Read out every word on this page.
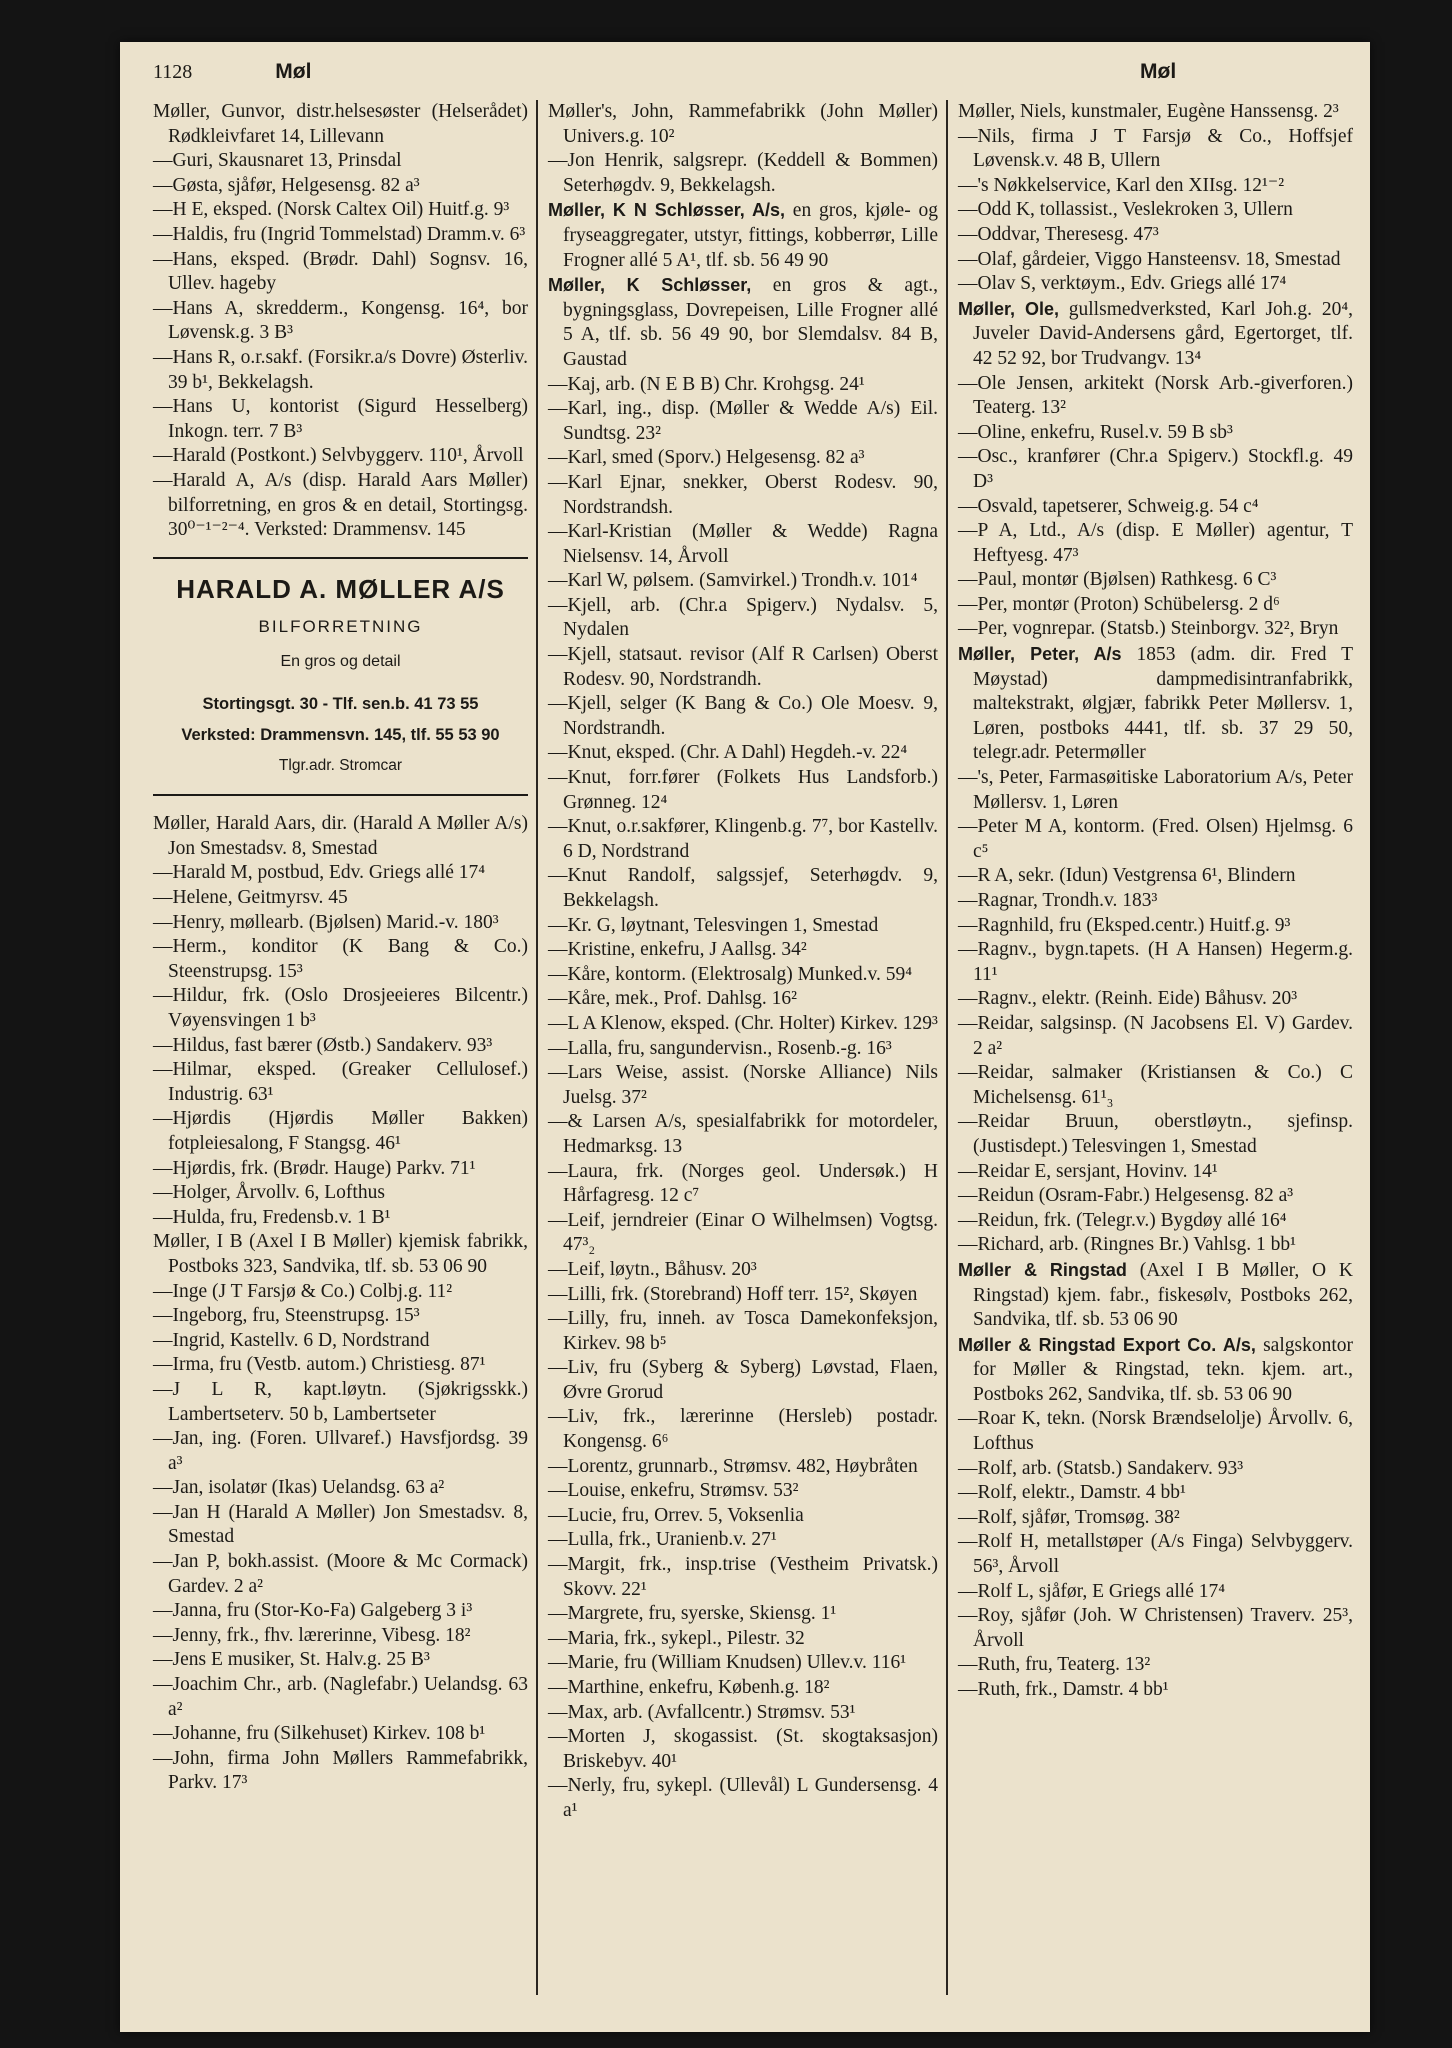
1128	Møl	Møl

Møller, Gunvor, distr.helsesøster (Helserådet) Rødkleivfaret 14, Lillevann

—Guri, Skausnaret 13, Prinsdal

—Gøsta, sjåfør, Helgesensg. 82 a³

—H E, eksped. (Norsk Caltex Oil) Huitf.g. 9³

—Haldis, fru (Ingrid Tommelstad) Dramm.v. 6³

—Hans, eksped. (Brødr. Dahl) Sognsv. 16, Ullev. hageby

—Hans A, skredderm., Kongensg. 16⁴, bor Løvensk.g. 3 B³

—Hans R, o.r.sakf. (Forsikr.a/s Dovre) Østerliv. 39 b¹, Bekkelagsh.

—Hans U, kontorist (Sigurd Hesselberg) Inkogn. terr. 7 B³

—Harald (Postkont.) Selvbyggerv. 110¹, Årvoll

—Harald A, A/s (disp. Harald Aars Møller) bilforretning, en gros & en detail, Stortingsg. 30⁰⁻¹⁻²⁻⁴. Verksted: Drammensv. 145

HARALD A. MØLLER A/S
BILFORRETNING
En gros og detail
Stortingsgt. 30 - Tlf. sen.b. 41 73 55
Verksted: Drammensvn. 145, tlf. 55 53 90
Tlgr.adr. Stromcar

Møller, Harald Aars, dir. (Harald A Møller A/s) Jon Smestadsv. 8, Smestad

—Harald M, postbud, Edv. Griegs allé 17⁴

—Helene, Geitmyrsv. 45

—Henry, møllearb. (Bjølsen) Marid.-v. 180³

—Herm., konditor (K Bang & Co.) Steenstrupsg. 15³

—Hildur, frk. (Oslo Drosjeeieres Bilcentr.) Vøyensvingen 1 b³

—Hildus, fast bærer (Østb.) Sandakerv. 93³

—Hilmar, eksped. (Greaker Cellulosef.) Industrig. 63¹

—Hjørdis (Hjørdis Møller Bakken) fotpleiesalong, F Stangsg. 46¹

—Hjørdis, frk. (Brødr. Hauge) Parkv. 71¹

—Holger, Årvollv. 6, Lofthus

—Hulda, fru, Fredensb.v. 1 B¹

Møller, I B (Axel I B Møller) kjemisk fabrikk, Postboks 323, Sandvika, tlf. sb. 53 06 90

—Inge (J T Farsjø & Co.) Colbj.g. 11²

—Ingeborg, fru, Steenstrupsg. 15³

—Ingrid, Kastellv. 6 D, Nordstrand

—Irma, fru (Vestb. autom.) Christiesg. 87¹

—J L R, kapt.løytn. (Sjøkrigsskk.) Lambertseterv. 50 b, Lambertseter

—Jan, ing. (Foren. Ullvaref.) Havsfjordsg. 39 a³

—Jan, isolatør (Ikas) Uelandsg. 63 a²

—Jan H (Harald A Møller) Jon Smestadsv. 8, Smestad

—Jan P, bokh.assist. (Moore & Mc Cormack) Gardev. 2 a²

—Janna, fru (Stor-Ko-Fa) Galgeberg 3 i³

—Jenny, frk., fhv. lærerinne, Vibesg. 18²

—Jens E musiker, St. Halv.g. 25 B³

—Joachim Chr., arb. (Naglefabr.) Uelandsg. 63 a²

—Johanne, fru (Silkehuset) Kirkev. 108 b¹

—John, firma John Møllers Rammefabrikk, Parkv. 17³

Møller's, John, Rammefabrikk (John Møller) Univers.g. 10²

—Jon Henrik, salgsrepr. (Keddell & Bommen) Seterhøgdv. 9, Bekkelagsh.

Møller, K N Schløsser, A/s, en gros, kjøle- og fryseaggregater, utstyr, fittings, kobberrør, Lille Frogner allé 5 A¹, tlf. sb. 56 49 90

Møller, K Schløsser, en gros & agt., bygningsglass, Dovrepeisen, Lille Frogner allé 5 A, tlf. sb. 56 49 90, bor Slemdalsv. 84 B, Gaustad

—Kaj, arb. (N E B B) Chr. Krohgsg. 24¹

—Karl, ing., disp. (Møller & Wedde A/s) Eil. Sundtsg. 23²

—Karl, smed (Sporv.) Helgesensg. 82 a³

—Karl Ejnar, snekker, Oberst Rodesv. 90, Nordstrandsh.

—Karl-Kristian (Møller & Wedde) Ragna Nielsensv. 14, Årvoll

—Karl W, pølsem. (Samvirkel.) Trondh.v. 101⁴

—Kjell, arb. (Chr.a Spigerv.) Nydalsv. 5, Nydalen

—Kjell, statsaut. revisor (Alf R Carlsen) Oberst Rodesv. 90, Nordstrandh.

—Kjell, selger (K Bang & Co.) Ole Moesv. 9, Nordstrandh.

—Knut, eksped. (Chr. A Dahl) Hegdeh.-v. 22⁴

—Knut, forr.fører (Folkets Hus Landsforb.) Grønneg. 12⁴

—Knut, o.r.sakfører, Klingenb.g. 7⁷, bor Kastellv. 6 D, Nordstrand

—Knut Randolf, salgssjef, Seterhøgdv. 9, Bekkelagsh.

—Kr. G, løytnant, Telesvingen 1, Smestad

—Kristine, enkefru, J Aallsg. 34²

—Kåre, kontorm. (Elektrosalg) Munked.v. 59⁴

—Kåre, mek., Prof. Dahlsg. 16²

—L A Klenow, eksped. (Chr. Holter) Kirkev. 129³

—Lalla, fru, sangundervisn., Rosenb.-g. 16³

—Lars Weise, assist. (Norske Alliance) Nils Juelsg. 37²

—& Larsen A/s, spesialfabrikk for motordeler, Hedmarksg. 13

—Laura, frk. (Norges geol. Undersøk.) H Hårfagresg. 12 c⁷

—Leif, jerndreier (Einar O Wilhelmsen) Vogtsg. 47³₂

—Leif, løytn., Båhusv. 20³

—Lilli, frk. (Storebrand) Hoff terr. 15², Skøyen

—Lilly, fru, inneh. av Tosca Damekonfeksjon, Kirkev. 98 b⁵

—Liv, fru (Syberg & Syberg) Løvstad, Flaen, Øvre Grorud

—Liv, frk., lærerinne (Hersleb) postadr. Kongensg. 6⁶

—Lorentz, grunnarb., Strømsv. 482, Høybråten

—Louise, enkefru, Strømsv. 53²

—Lucie, fru, Orrev. 5, Voksenlia

—Lulla, frk., Uranienb.v. 27¹

—Margit, frk., insp.trise (Vestheim Privatsk.) Skovv. 22¹

—Margrete, fru, syerske, Skiensg. 1¹

—Maria, frk., sykepl., Pilestr. 32

—Marie, fru (William Knudsen) Ullev.v. 116¹

—Marthine, enkefru, Københ.g. 18²

—Max, arb. (Avfallcentr.) Strømsv. 53¹

—Morten J, skogassist. (St. skogtaksasjon) Briskebyv. 40¹

—Nerly, fru, sykepl. (Ullevål) L Gundersensg. 4 a¹

Møller, Niels, kunstmaler, Eugène Hanssensg. 2³

—Nils, firma J T Farsjø & Co., Hoffsjef Løvensk.v. 48 B, Ullern

—'s Nøkkelservice, Karl den XIIsg. 12¹⁻²

—Odd K, tollassist., Veslekroken 3, Ullern

—Oddvar, Theresesg. 47³

—Olaf, gårdeier, Viggo Hansteensv. 18, Smestad

—Olav S, verktøym., Edv. Griegs allé 17⁴

Møller, Ole, gullsmedverksted, Karl Joh.g. 20⁴, Juveler David-Andersens gård, Egertorget, tlf. 42 52 92, bor Trudvangv. 13⁴

—Ole Jensen, arkitekt (Norsk Arb.-giverforen.) Teaterg. 13²

—Oline, enkefru, Rusel.v. 59 B sb³

—Osc., kranfører (Chr.a Spigerv.) Stockfl.g. 49 D³

—Osvald, tapetserer, Schweig.g. 54 c⁴

—P A, Ltd., A/s (disp. E Møller) agentur, T Heftyesg. 47³

—Paul, montør (Bjølsen) Rathkesg. 6 C³

—Per, montør (Proton) Schübelersg. 2 d⁶

—Per, vognrepar. (Statsb.) Steinborgv. 32², Bryn

Møller, Peter, A/s 1853 (adm. dir. Fred T Møystad) dampmedisintranfabrikk, maltekstrakt, ølgjær, fabrikk Peter Møllersv. 1, Løren, postboks 4441, tlf. sb. 37 29 50, telegr.adr. Petermøller

—'s, Peter, Farmasøitiske Laboratorium A/s, Peter Møllersv. 1, Løren

—Peter M A, kontorm. (Fred. Olsen) Hjelmsg. 6 c⁵

—R A, sekr. (Idun) Vestgrensa 6¹, Blindern

—Ragnar, Trondh.v. 183³

—Ragnhild, fru (Eksped.centr.) Huitf.g. 9³

—Ragnv., bygn.tapets. (H A Hansen) Hegerm.g. 11¹

—Ragnv., elektr. (Reinh. Eide) Båhusv. 20³

—Reidar, salgsinsp. (N Jacobsens El. V) Gardev. 2 a²

—Reidar, salmaker (Kristiansen & Co.) C Michelsensg. 61¹₃

—Reidar Bruun, oberstløytn., sjefinsp. (Justisdept.) Telesvingen 1, Smestad

—Reidar E, sersjant, Hovinv. 14¹

—Reidun (Osram-Fabr.) Helgesensg. 82 a³

—Reidun, frk. (Telegr.v.) Bygdøy allé 16⁴

—Richard, arb. (Ringnes Br.) Vahlsg. 1 bb¹

Møller & Ringstad (Axel I B Møller, O K Ringstad) kjem. fabr., fiskesølv, Postboks 262, Sandvika, tlf. sb. 53 06 90

Møller & Ringstad Export Co. A/s, salgskontor for Møller & Ringstad, tekn. kjem. art., Postboks 262, Sandvika, tlf. sb. 53 06 90

—Roar K, tekn. (Norsk Brændselolje) Årvollv. 6, Lofthus

—Rolf, arb. (Statsb.) Sandakerv. 93³

—Rolf, elektr., Damstr. 4 bb¹

—Rolf, sjåfør, Tromsøg. 38²

—Rolf H, metallstøper (A/s Finga) Selvbyggerv. 56³, Årvoll

—Rolf L, sjåfør, E Griegs allé 17⁴

—Roy, sjåfør (Joh. W Christensen) Traverv. 25³, Årvoll

—Ruth, fru, Teaterg. 13²

—Ruth, frk., Damstr. 4 bb¹
